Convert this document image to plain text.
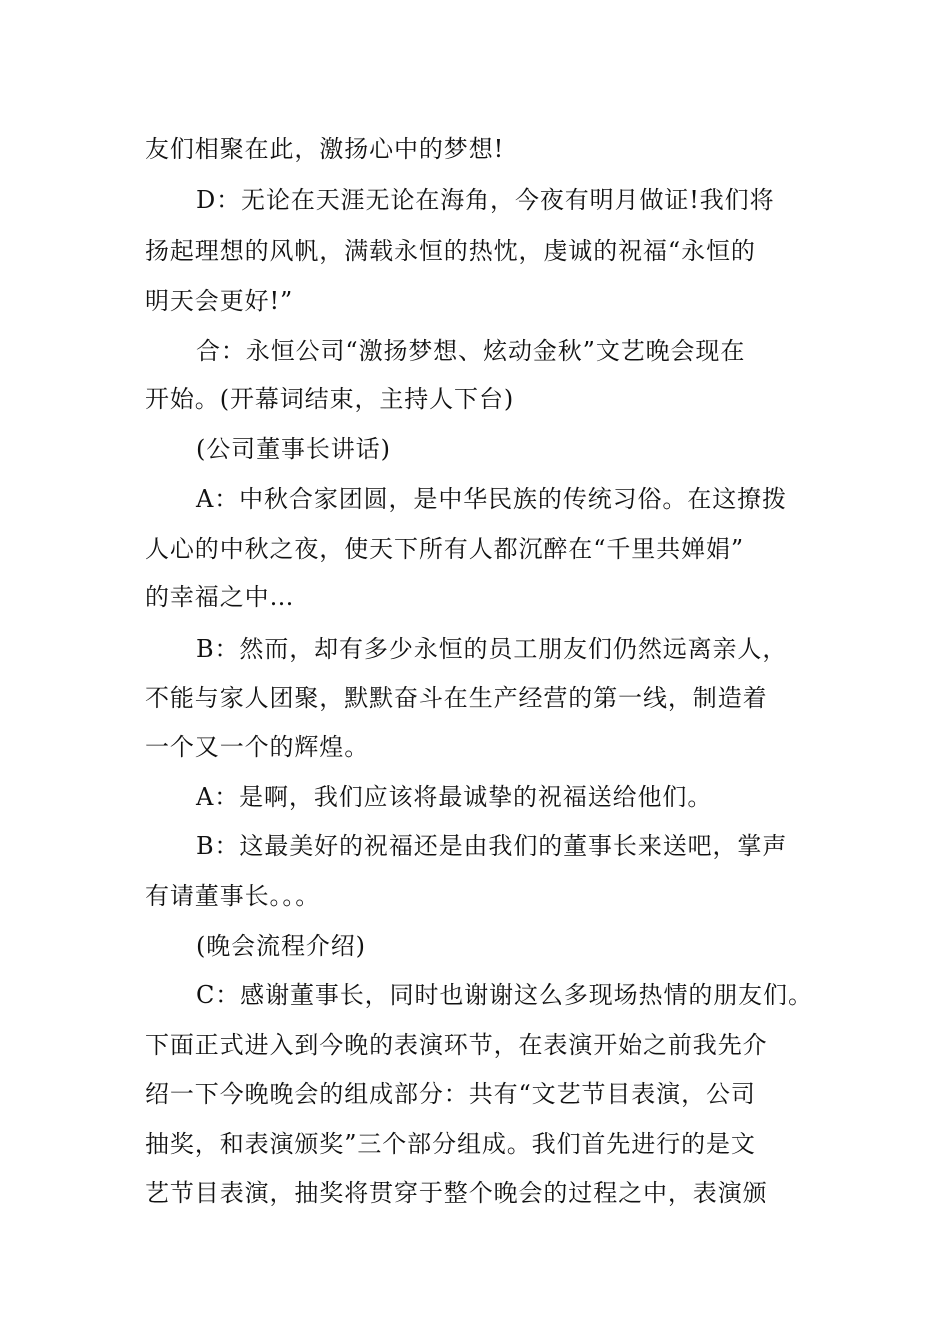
友们相聚在此，激扬心中的梦想!

D：无论在天涯无论在海角，今夜有明月做证!我们将

扬起理想的风帆，满载永恒的热忱，虔诚的祝福“永恒的

明天会更好!”

合：永恒公司“激扬梦想、炫动金秋”文艺晚会现在

开始。(开幕词结束，主持人下台)

(公司董事长讲话)

A：中秋合家团圆，是中华民族的传统习俗。在这撩拨

人心的中秋之夜，使天下所有人都沉醉在“千里共婵娟”

的幸福之中…

B：然而，却有多少永恒的员工朋友们仍然远离亲人，

不能与家人团聚，默默奋斗在生产经营的第一线，制造着

一个又一个的辉煌。

A：是啊，我们应该将最诚挚的祝福送给他们。

B：这最美好的祝福还是由我们的董事长来送吧，掌声

有请董事长。。。

(晚会流程介绍)

C：感谢董事长，同时也谢谢这么多现场热情的朋友们。

下面正式进入到今晚的表演环节，在表演开始之前我先介

绍一下今晚晚会的组成部分：共有“文艺节目表演，公司

抽奖，和表演颁奖”三个部分组成。我们首先进行的是文

艺节目表演，抽奖将贯穿于整个晚会的过程之中，表演颁
